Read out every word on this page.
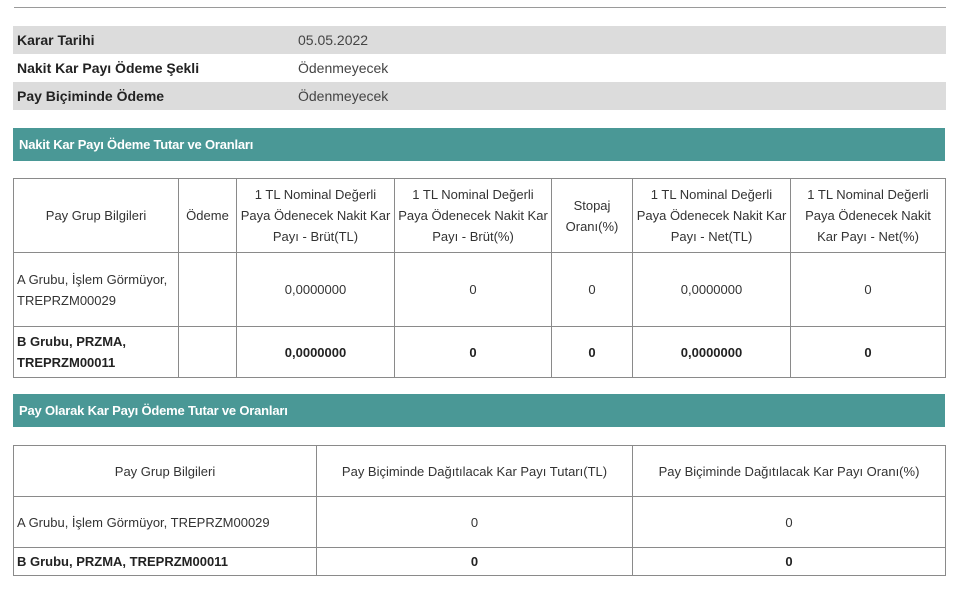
Karar Tarihi	05.05.2022
Nakit Kar Payı Ödeme Şekli	Ödenmeyecek
Pay Biçiminde Ödeme	Ödenmeyecek
Nakit Kar Payı Ödeme Tutar ve Oranları
Pay Grup Bilgileri	Ödeme	1 TL Nominal Değerli Paya Ödenecek Nakit Kar Payı - Brüt(TL)	1 TL Nominal Değerli Paya Ödenecek Nakit Kar Payı - Brüt(%)	Stopaj Oranı(%)	1 TL Nominal Değerli Paya Ödenecek Nakit Kar Payı - Net(TL)	1 TL Nominal Değerli Paya Ödenecek Nakit Kar Payı - Net(%)
A Grubu, İşlem Görmüyor, TREPRZM00029		0,0000000	0	0	0,0000000	0
B Grubu, PRZMA, TREPRZM00011		0,0000000	0	0	0,0000000	0
Pay Olarak Kar Payı Ödeme Tutar ve Oranları
Pay Grup Bilgileri	Pay Biçiminde Dağıtılacak Kar Payı Tutarı(TL)	Pay Biçiminde Dağıtılacak Kar Payı Oranı(%)
A Grubu, İşlem Görmüyor, TREPRZM00029	0	0
B Grubu, PRZMA, TREPRZM00011	0	0
